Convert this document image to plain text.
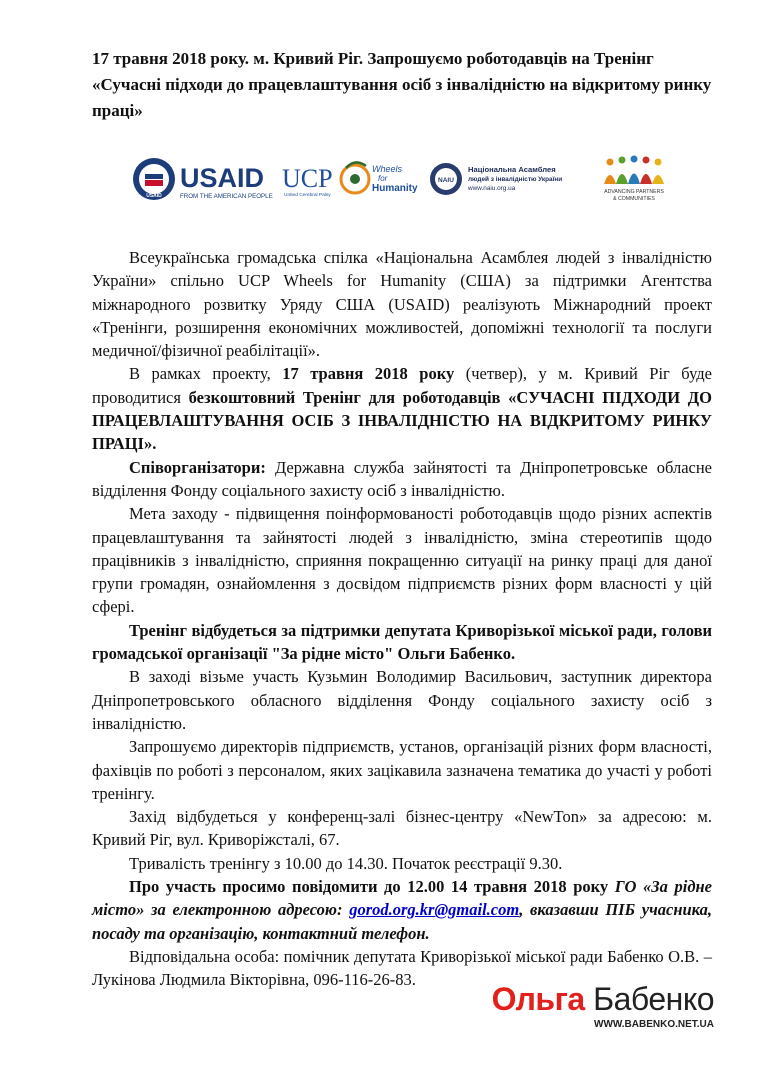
17 травня 2018 року. м. Кривий Ріг. Запрошуємо роботодавців на Тренінг «Сучасні підходи до працевлаштування осіб з інвалідністю на відкритому ринку праці»

USAID
USAID
FROM THE AMERICAN PEOPLE
UCP
United Cerebral Palsy
Wheels
for
Humanity
NAIU
Національна Асамблея
людей з інвалідністю України
www.naiu.org.ua	ADVANCING PARTNERS
& COMMUNITIES

Всеукраїнська громадська спілка «Національна Асамблея людей з інвалідністю України» спільно UCP Wheels for Humanity (США) за підтримки Агентства міжнародного розвитку Уряду США (USAID) реалізують Міжнародний проект «Тренінги, розширення економічних можливостей, допоміжні технології та послуги медичної/фізичної реабілітації».

В рамках проекту, 17 травня 2018 року (четвер), у м. Кривий Ріг буде проводитися безкоштовний Тренінг для роботодавців «СУЧАСНІ ПІДХОДИ ДО ПРАЦЕВЛАШТУВАННЯ ОСІБ З ІНВАЛІДНІСТЮ НА ВІДКРИТОМУ РИНКУ ПРАЦІ».

Співорганізатори: Державна служба зайнятості та Дніпропетровське обласне відділення Фонду соціального захисту осіб з інвалідністю.

Мета заходу - підвищення поінформованості роботодавців щодо різних аспектів працевлаштування та зайнятості людей з інвалідністю, зміна стереотипів щодо працівників з інвалідністю, сприяння покращенню ситуації на ринку праці для даної групи громадян, ознайомлення з досвідом підприємств різних форм власності у цій сфері.

Тренінг відбудеться за підтримки депутата Криворізької міської ради, голови громадської організації "За рідне місто" Ольги Бабенко.

В заході візьме участь Кузьмин Володимир Васильович, заступник директора Дніпропетровського обласного відділення Фонду соціального захисту осіб з інвалідністю.

Запрошуємо директорів підприємств, установ, організацій різних форм власності, фахівців по роботі з персоналом, яких зацікавила зазначена тематика до участі у роботі тренінгу.

Захід відбудеться у конференц-залі бізнес-центру «NewTon» за адресою: м. Кривий Ріг, вул. Криворіжсталі, 67.

Тривалість тренінгу з 10.00 до 14.30. Початок реєстрації 9.30.

Про участь просимо повідомити до 12.00 14 травня 2018 року ГО «За рідне місто» за електронною адресою: gorod.org.kr@gmail.com, вказавши ПІБ учасника, посаду та організацію, контактний телефон.

Відповідальна особа: помічник депутата Криворізької міської ради Бабенко О.В. – Лукінова Людмила Вікторівна, 096-116-26-83.

Ольга Бабенко
WWW.BABENKO.NET.UA
